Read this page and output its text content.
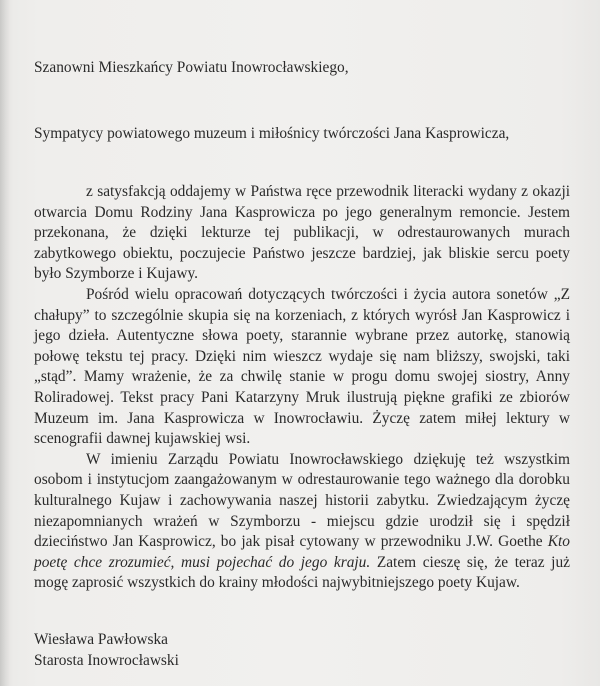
Szanowni Mieszkańcy Powiatu Inowrocławskiego,
Sympatycy powiatowego muzeum i miłośnicy twórczości Jana Kasprowicza,

z satysfakcją oddajemy w Państwa ręce przewodnik literacki wydany z okazji otwarcia Domu Rodziny Jana Kasprowicza po jego generalnym remoncie. Jestem przekonana, że dzięki lekturze tej publikacji, w odrestaurowanych murach zabytkowego obiektu, poczujecie Państwo jeszcze bardziej, jak bliskie sercu poety było Szymborze i Kujawy.

Pośród wielu opracowań dotyczących twórczości i życia autora sonetów „Z chałupy” to szczególnie skupia się na korzeniach, z których wyrósł Jan Kasprowicz i jego dzieła. Autentyczne słowa poety, starannie wybrane przez autorkę, stanowią połowę tekstu tej pracy. Dzięki nim wieszcz wydaje się nam bliższy, swojski, taki „stąd”. Mamy wrażenie, że za chwilę stanie w progu domu swojej siostry, Anny Roliradowej. Tekst pracy Pani Katarzyny Mruk ilustrują piękne grafiki ze zbiorów Muzeum im. Jana Kasprowicza w Inowrocławiu. Życzę zatem miłej lektury w scenografii dawnej kujawskiej wsi.

W imieniu Zarządu Powiatu Inowrocławskiego dziękuję też wszystkim osobom i instytucjom zaangażowanym w odrestaurowanie tego ważnego dla dorobku kulturalnego Kujaw i zachowywania naszej historii zabytku. Zwiedzającym życzę niezapomnianych wrażeń w Szymborzu - miejscu gdzie urodził się i spędził dzieciństwo Jan Kasprowicz, bo jak pisał cytowany w przewodniku J.W. Goethe Kto poetę chce zrozumieć, musi pojechać do jego kraju. Zatem cieszę się, że teraz już mogę zaprosić wszystkich do krainy młodości najwybitniejszego poety Kujaw.

Wiesława Pawłowska
Starosta Inowrocławski
